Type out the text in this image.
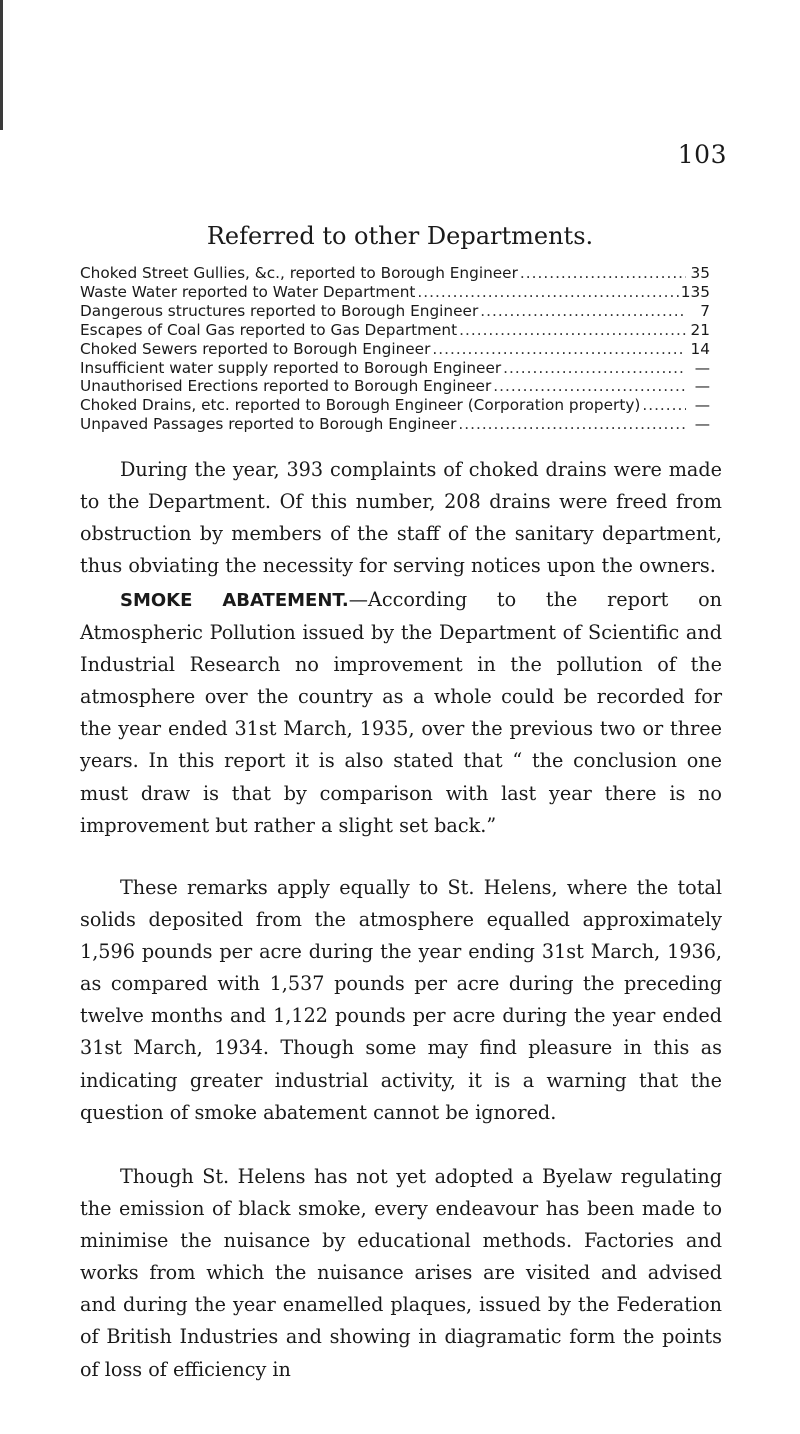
103
Referred to other Departments.
Choked Street Gullies, &c., reported to Borough Engineer .....	35
Waste Water reported to Water Department .....	135
Dangerous structures reported to Borough Engineer .....	7
Escapes of Coal Gas reported to Gas Department .....	21
Choked Sewers reported to Borough Engineer .....	14
Insufficient water supply reported to Borough Engineer .....	—
Unauthorised Erections reported to Borough Engineer .....	—
Choked Drains, etc. reported to Borough Engineer (Corporation property) .....	—
Unpaved Passages reported to Borough Engineer .....	—

During the year, 393 complaints of choked drains were made to the Department. Of this number, 208 drains were freed from obstruction by members of the staff of the sanitary department, thus obviating the necessity for serving notices upon the owners.

SMOKE ABATEMENT.—According to the report on Atmospheric Pollution issued by the Department of Scientific and Industrial Research no improvement in the pollution of the atmosphere over the country as a whole could be recorded for the year ended 31st March, 1935, over the previous two or three years. In this report it is also stated that “ the conclusion one must draw is that by comparison with last year there is no improvement but rather a slight set back.”

These remarks apply equally to St. Helens, where the total solids deposited from the atmosphere equalled approximately 1,596 pounds per acre during the year ending 31st March, 1936, as compared with 1,537 pounds per acre during the preceding twelve months and 1,122 pounds per acre during the year ended 31st March, 1934. Though some may find pleasure in this as indicating greater industrial activity, it is a warning that the question of smoke abatement cannot be ignored.

Though St. Helens has not yet adopted a Byelaw regulating the emission of black smoke, every endeavour has been made to minimise the nuisance by educational methods. Factories and works from which the nuisance arises are visited and advised and during the year enamelled plaques, issued by the Federation of British Industries and showing in diagramatic form the points of loss of efficiency in
